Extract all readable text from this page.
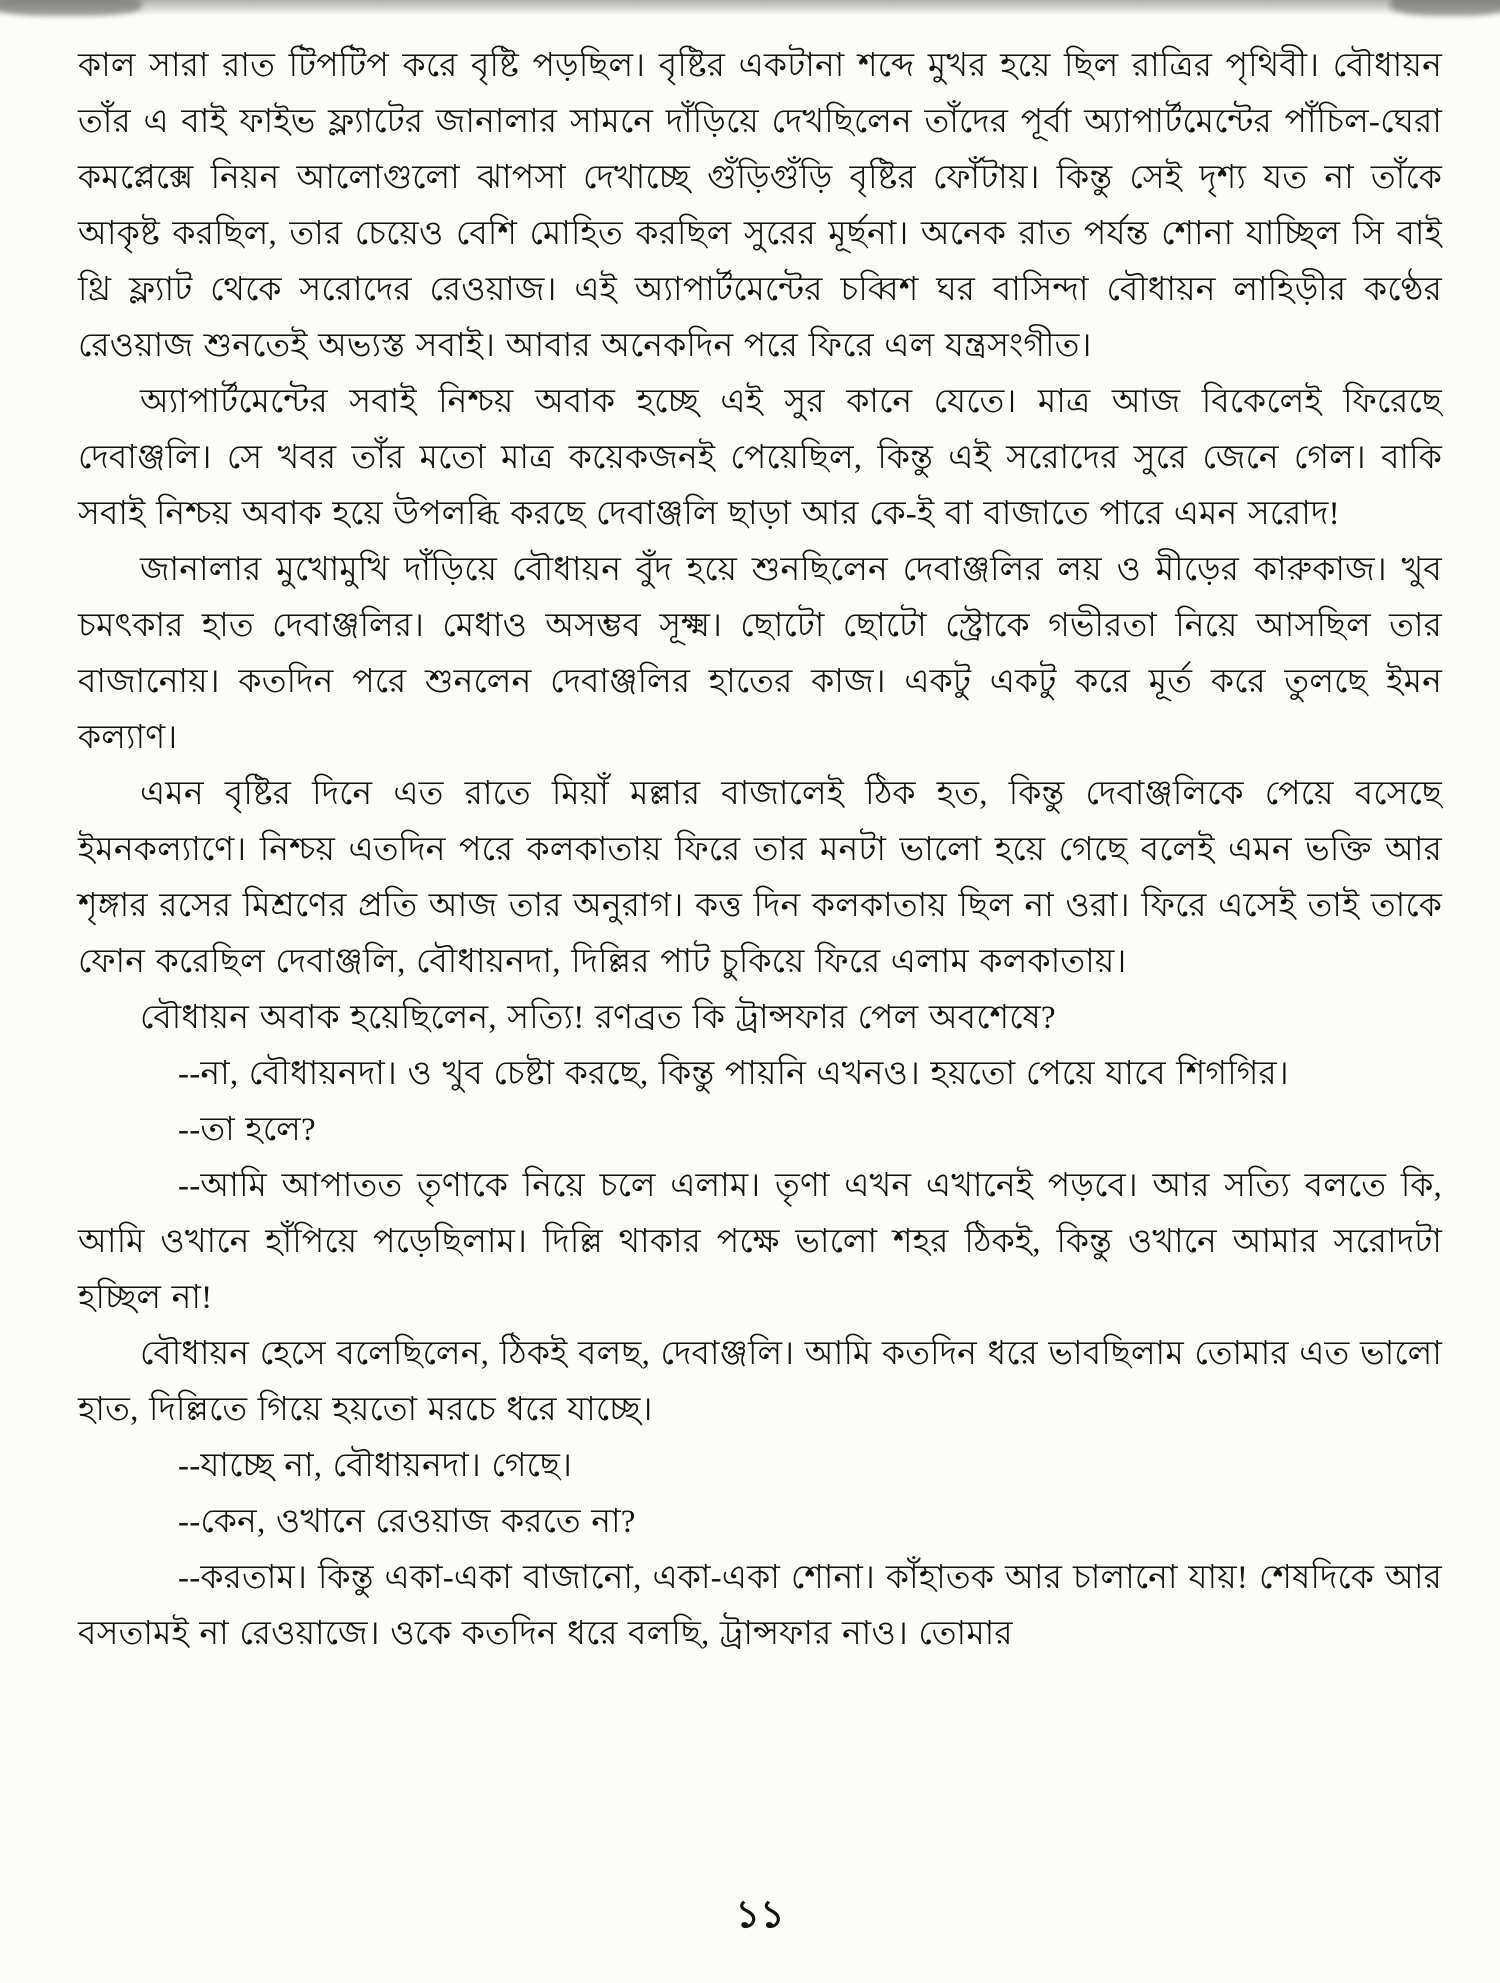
কাল সারা রাত টিপটিপ করে বৃষ্টি পড়ছিল। বৃষ্টির একটানা শব্দে মুখর হয়ে ছিল রাত্রির পৃথিবী। বৌধায়ন তাঁর এ বাই ফাইভ ফ্ল্যাটের জানালার সামনে দাঁড়িয়ে দেখছিলেন তাঁদের পূর্বা অ্যাপার্টমেন্টের পাঁচিল-ঘেরা কমপ্লেক্সে নিয়ন আলোগুলো ঝাপসা দেখাচ্ছে গুঁড়িগুঁড়ি বৃষ্টির ফোঁটায়। কিন্তু সেই দৃশ্য যত না তাঁকে আকৃষ্ট করছিল, তার চেয়েও বেশি মোহিত করছিল সুরের মূর্ছনা। অনেক রাত পর্যন্ত শোনা যাচ্ছিল সি বাই থ্রি ফ্ল্যাট থেকে সরোদের রেওয়াজ। এই অ্যাপার্টমেন্টের চব্বিশ ঘর বাসিন্দা বৌধায়ন লাহিড়ীর কণ্ঠের রেওয়াজ শুনতেই অভ্যস্ত সবাই। আবার অনেকদিন পরে ফিরে এল যন্ত্রসংগীত।

অ্যাপার্টমেন্টের সবাই নিশ্চয় অবাক হচ্ছে এই সুর কানে যেতে। মাত্র আজ বিকেলেই ফিরেছে দেবাঞ্জলি। সে খবর তাঁর মতো মাত্র কয়েকজনই পেয়েছিল, কিন্তু এই সরোদের সুরে জেনে গেল। বাকি সবাই নিশ্চয় অবাক হয়ে উপলব্ধি করছে দেবাঞ্জলি ছাড়া আর কে-ই বা বাজাতে পারে এমন সরোদ!

জানালার মুখোমুখি দাঁড়িয়ে বৌধায়ন বুঁদ হয়ে শুনছিলেন দেবাঞ্জলির লয় ও মীড়ের কারুকাজ। খুব চমৎকার হাত দেবাঞ্জলির। মেধাও অসম্ভব সূক্ষ্ম। ছোটো ছোটো স্ট্রোকে গভীরতা নিয়ে আসছিল তার বাজানোয়। কতদিন পরে শুনলেন দেবাঞ্জলির হাতের কাজ। একটু একটু করে মূর্ত করে তুলছে ইমন কল্যাণ।

এমন বৃষ্টির দিনে এত রাতে মিয়াঁ মল্লার বাজালেই ঠিক হত, কিন্তু দেবাঞ্জলিকে পেয়ে বসেছে ইমনকল্যাণে। নিশ্চয় এতদিন পরে কলকাতায় ফিরে তার মনটা ভালো হয়ে গেছে বলেই এমন ভক্তি আর শৃঙ্গার রসের মিশ্রণের প্রতি আজ তার অনুরাগ। কত্ত দিন কলকাতায় ছিল না ওরা। ফিরে এসেই তাই তাকে ফোন করেছিল দেবাঞ্জলি, বৌধায়নদা, দিল্লির পাট চুকিয়ে ফিরে এলাম কলকাতায়।

বৌধায়ন অবাক হয়েছিলেন, সত্যি! রণব্রত কি ট্রান্সফার পেল অবশেষে?

--না, বৌধায়নদা। ও খুব চেষ্টা করছে, কিন্তু পায়নি এখনও। হয়তো পেয়ে যাবে শিগগির।

--তা হলে?

--আমি আপাতত তৃণাকে নিয়ে চলে এলাম। তৃণা এখন এখানেই পড়বে। আর সত্যি বলতে কি, আমি ওখানে হাঁপিয়ে পড়েছিলাম। দিল্লি থাকার পক্ষে ভালো শহর ঠিকই, কিন্তু ওখানে আমার সরোদটা হচ্ছিল না!

বৌধায়ন হেসে বলেছিলেন, ঠিকই বলছ, দেবাঞ্জলি। আমি কতদিন ধরে ভাবছিলাম তোমার এত ভালো হাত, দিল্লিতে গিয়ে হয়তো মরচে ধরে যাচ্ছে।

--যাচ্ছে না, বৌধায়নদা। গেছে।

--কেন, ওখানে রেওয়াজ করতে না?

--করতাম। কিন্তু একা-একা বাজানো, একা-একা শোনা। কাঁহাতক আর চালানো যায়! শেষদিকে আর বসতামই না রেওয়াজে। ওকে কতদিন ধরে বলছি, ট্রান্সফার নাও। তোমার

১১
